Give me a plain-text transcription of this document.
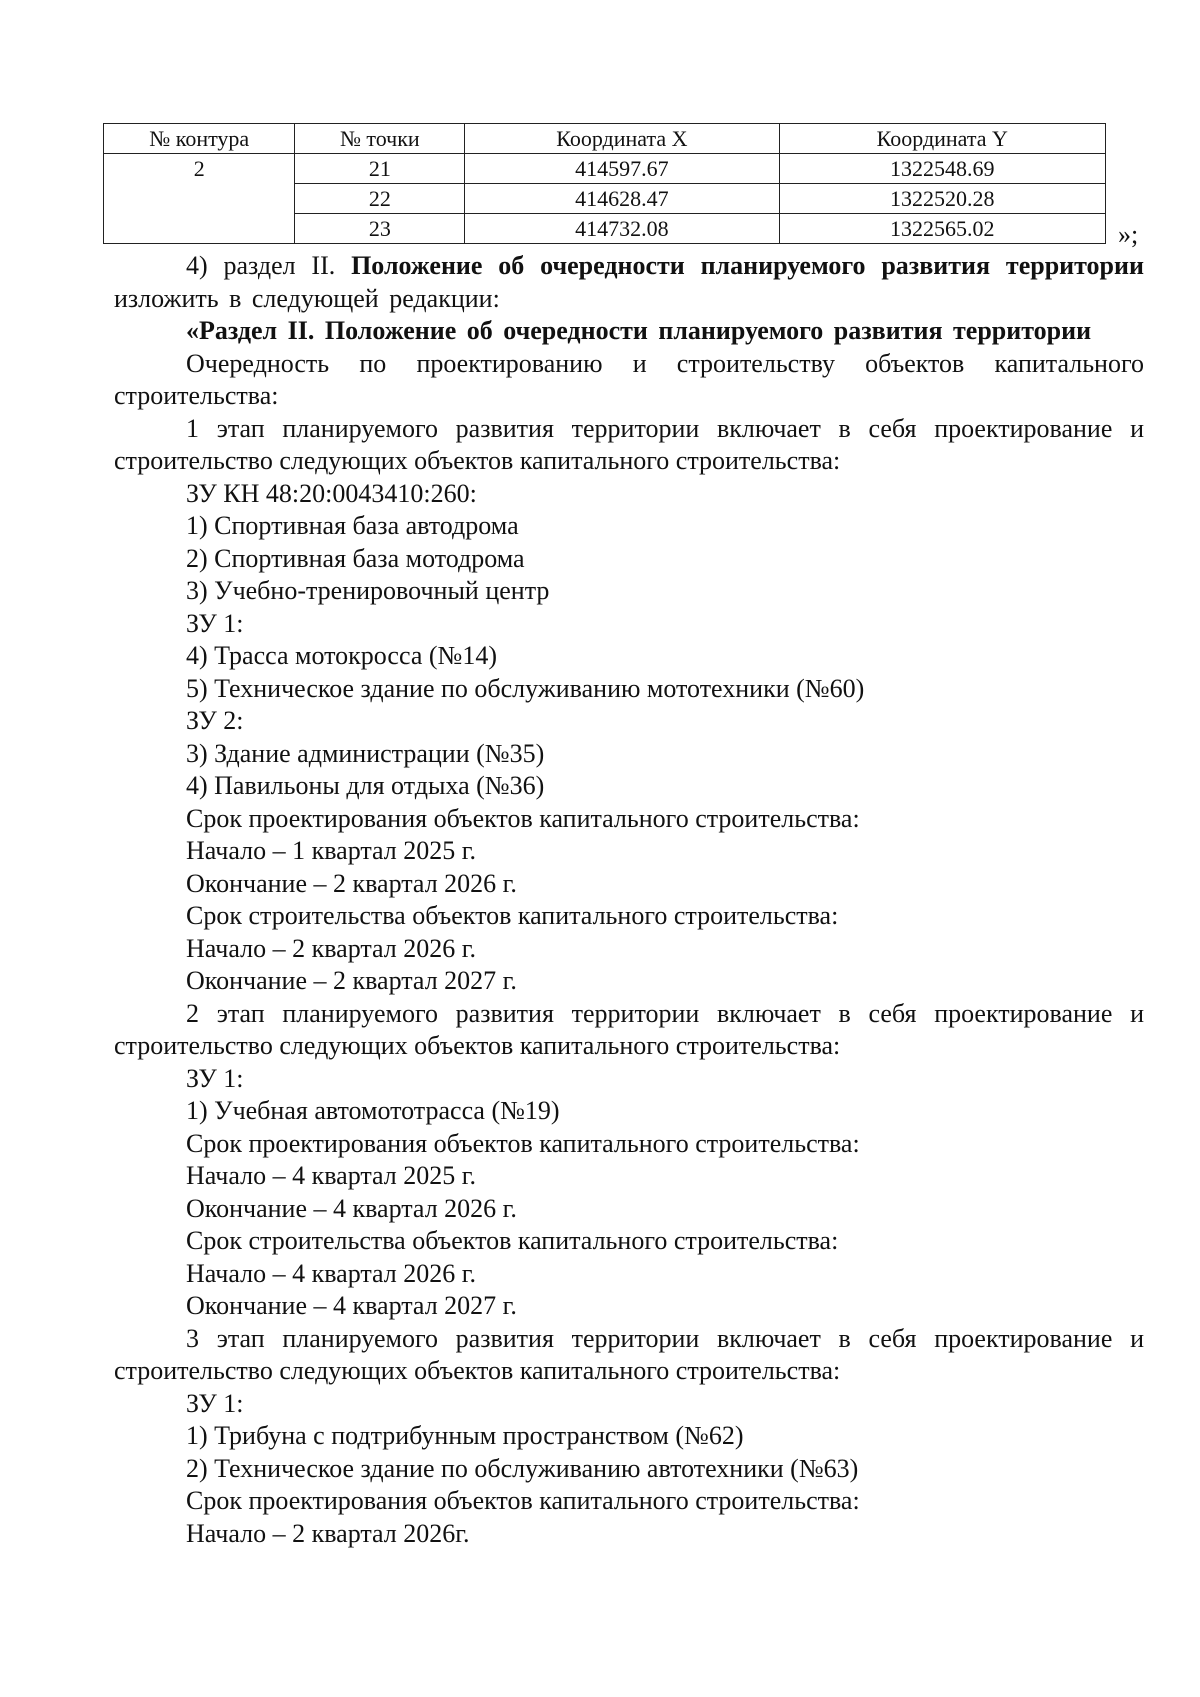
№ контура	№ точки	Координата X	Координата Y
2	21	414597.67	1322548.69
	22	414628.47	1322520.28
	23	414732.08	1322565.02	»;

4) раздел II. Положение об очередности планируемого развития территории изложить в следующей редакции:

«Раздел II. Положение об очередности планируемого развития территории

Очередность по проектированию и строительству объектов капитального строительства:

1 этап планируемого развития территории включает в себя проектирование и строительство следующих объектов капитального строительства:

ЗУ КН 48:20:0043410:260:

1) Спортивная база автодрома

2) Спортивная база мотодрома

3) Учебно-тренировочный центр

ЗУ 1:

4) Трасса мотокросса (№14)

5) Техническое здание по обслуживанию мототехники (№60)

ЗУ 2:

3) Здание администрации (№35)

4) Павильоны для отдыха (№36)

Срок проектирования объектов капитального строительства:

Начало – 1 квартал 2025 г.

Окончание – 2 квартал 2026 г.

Срок строительства объектов капитального строительства:

Начало – 2 квартал 2026 г.

Окончание – 2 квартал 2027 г.

2 этап планируемого развития территории включает в себя проектирование и строительство следующих объектов капитального строительства:

ЗУ 1:

1) Учебная автомототрасса (№19)

Срок проектирования объектов капитального строительства:

Начало – 4 квартал 2025 г.

Окончание – 4 квартал 2026 г.

Срок строительства объектов капитального строительства:

Начало – 4 квартал 2026 г.

Окончание – 4 квартал 2027 г.

3 этап планируемого развития территории включает в себя проектирование и строительство следующих объектов капитального строительства:

ЗУ 1:

1) Трибуна с подтрибунным пространством (№62)

2) Техническое здание по обслуживанию автотехники (№63)

Срок проектирования объектов капитального строительства:

Начало – 2 квартал 2026г.
